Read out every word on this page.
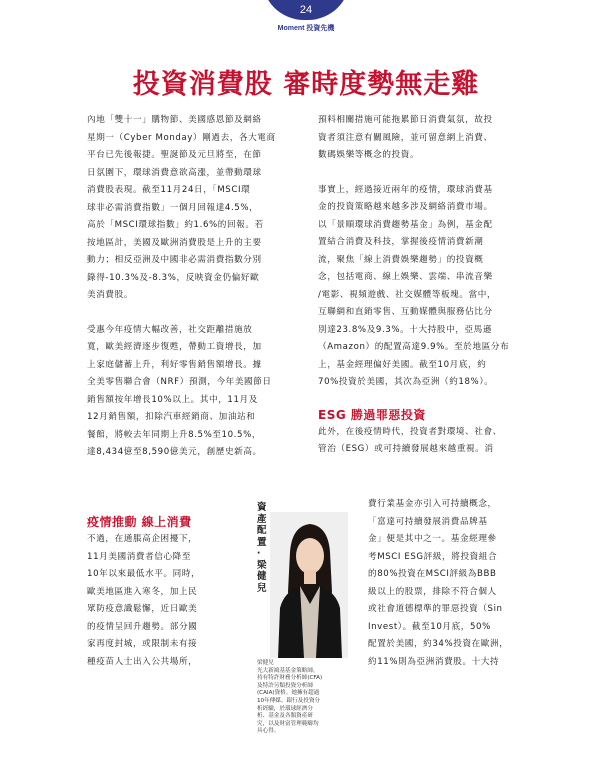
24
Moment 投資先機
投資消費股 審時度勢無走雞

內地「雙十一」購物節、美國感恩節及網絡
星期一（Cyber Monday）剛過去，各大電商
平台已先後報捷。聖誕節及元旦將至，在節
日氛圍下，環球消費意欲高漲，並帶動環球
消費股表現。截至11月24日，「MSCI環
球非必需消費指數」一個月回報達4.5%，
高於「MSCI環球指數」約1.6%的回報。若
按地區計，美國及歐洲消費股是上升的主要
動力；相反亞洲及中國非必需消費指數分別
錄得-10.3%及-8.3%，反映資金仍偏好歐
美消費股。

受惠今年疫情大幅改善，社交距離措施放
寬，歐美經濟逐步復甦，帶動工資增長，加
上家庭儲蓄上升，利好零售銷售額增長。據
全美零售聯合會（NRF）預測，今年美國節日
銷售額按年增長10%以上。其中，11月及
12月銷售額，扣除汽車經銷商、加油站和
餐館，將較去年同期上升8.5%至10.5%，
達8,434億至8,590億美元，創歷史新高。

疫情推動 線上消費

不過，在通脹高企困擾下，
11月美國消費者信心降至
10年以來最低水平。同時，
歐美地區進入寒冬，加上民
眾防疫意識鬆懈，近日歐美
的疫情呈回升趨勢。部分國
家再度封城，或限制未有接
種疫苗人士出入公共場所，

資產配置 ‧ 梁健兒
梁健兒
光大新鴻基基金策略師，
持有特許財務分析師(CFA)
及特許另類投資分析師
(CAIA)資格。她擁有超過
10年傳媒、銀行及投資分
析經驗，於環球經濟分
析、基金及各類資產研
究，以及財富管理範疇均
具心得。

預料相關措施可能拖累節日消費氣氛，故投
資者須注意有關風險，並可留意網上消費、
數碼娛樂等概念的投資。

事實上，經過接近兩年的疫情，環球消費基
金的投資策略越來越多涉及網絡消費市場。
以「景順環球消費趨勢基金」為例，基金配
置結合消費及科技，掌握後疫情消費新潮
流，聚焦「線上消費娛樂趨勢」的投資概
念，包括電商、線上娛樂、雲端、串流音樂
/電影、視頻遊戲、社交媒體等板塊。當中，
互聯網和直銷零售、互動媒體與服務佔比分
別達23.8%及9.3%。十大持股中，亞馬遜
（Amazon）的配置高達9.9%。至於地區分布
上，基金經理偏好美國。截至10月底，約
70%投資於美國，其次為亞洲（約18%）。

ESG 勝過罪惡投資

此外，在後疫情時代，投資者對環境、社會、
管治（ESG）或可持續發展越來越重視。消

費行業基金亦引入可持續概念，
「富達可持續發展消費品牌基
金」便是其中之一。基金經理參
考MSCI ESG評級，將投資組合
的80%投資在MSCI評級為BBB
級以上的股票，排除不符合個人
或社會道德標準的罪惡投資（Sin
Invest）。截至10月底，50%
配置於美國，約34%投資在歐洲，
約11%則為亞洲消費股。十大持
